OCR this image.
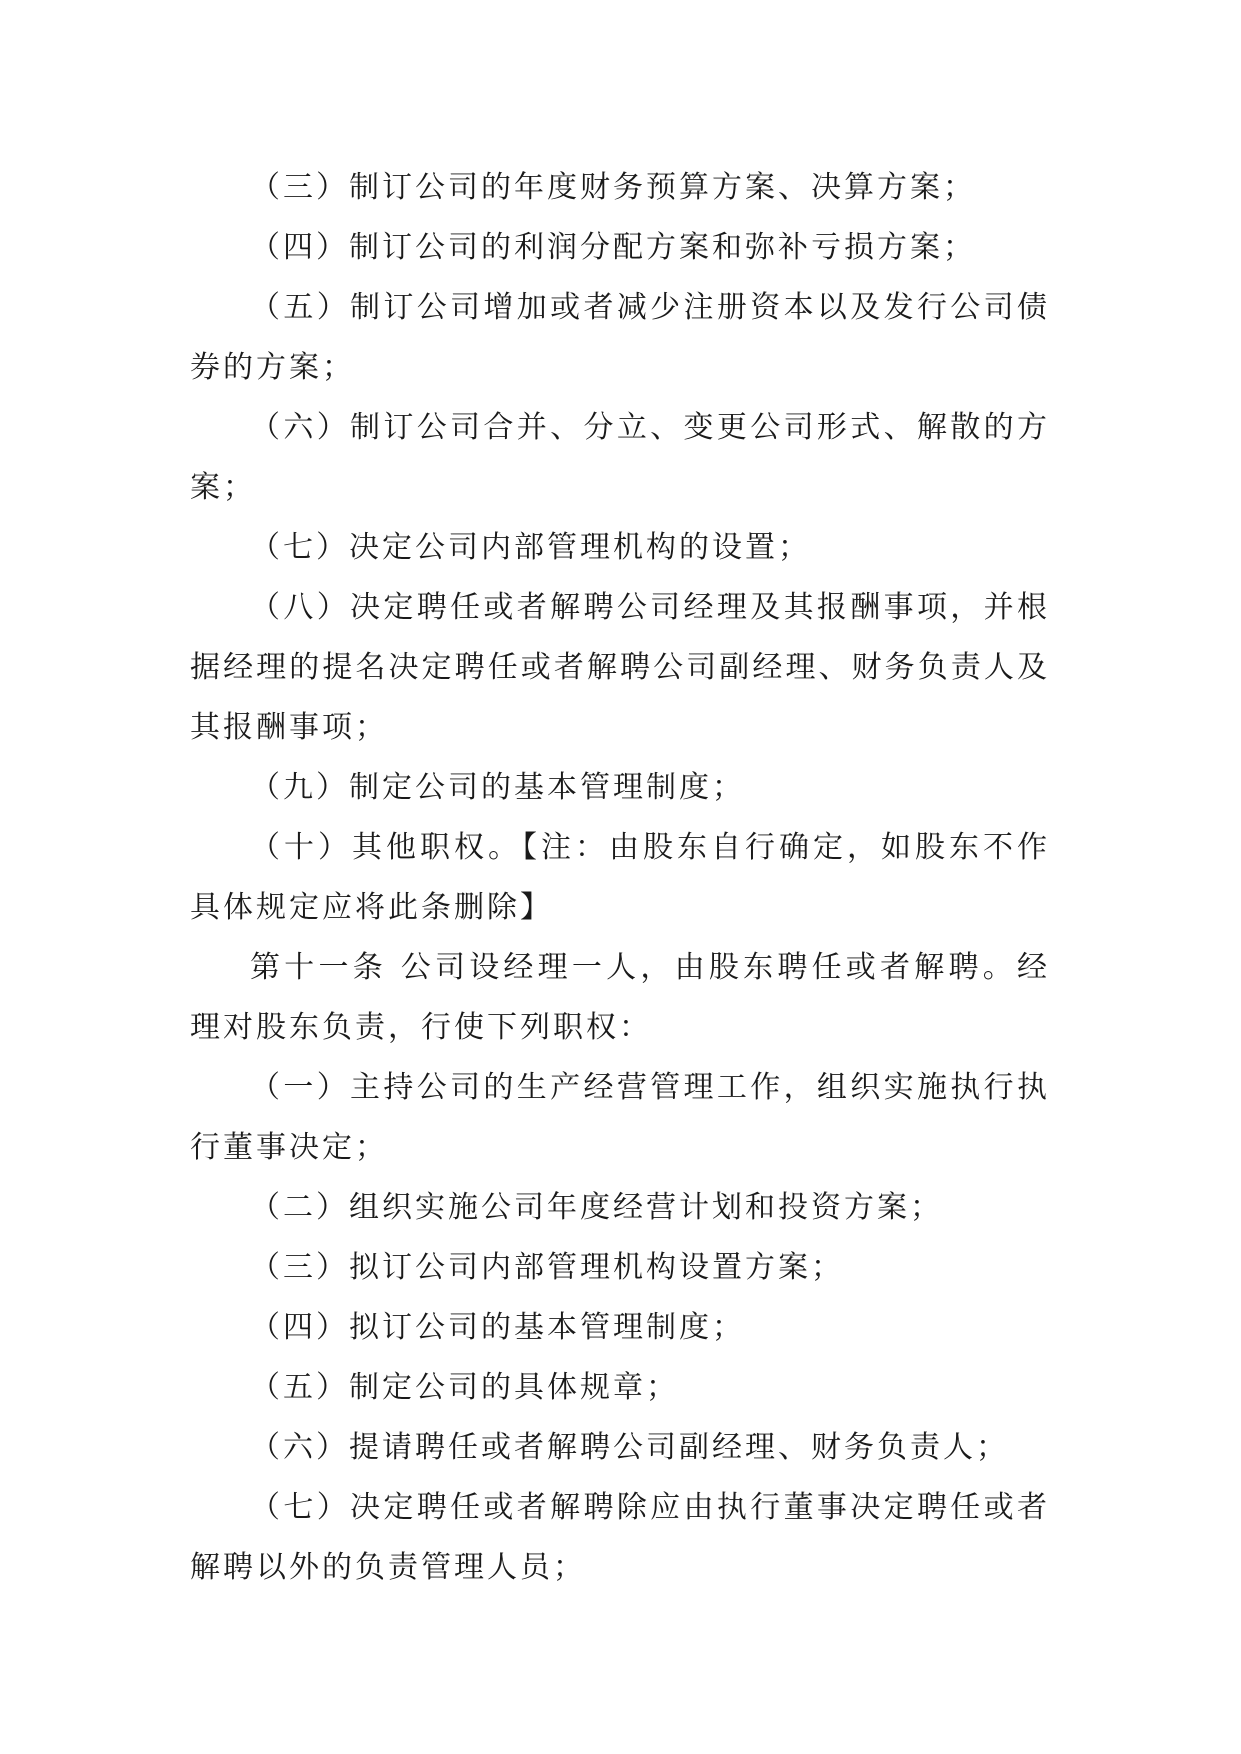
（三）制订公司的年度财务预算方案、决算方案；

（四）制订公司的利润分配方案和弥补亏损方案；

（五）制订公司增加或者减少注册资本以及发行公司债券的方案；

（六）制订公司合并、分立、变更公司形式、解散的方案；

（七）决定公司内部管理机构的设置；

（八）决定聘任或者解聘公司经理及其报酬事项，并根据经理的提名决定聘任或者解聘公司副经理、财务负责人及其报酬事项；

（九）制定公司的基本管理制度；

（十）其他职权。【注：由股东自行确定，如股东不作具体规定应将此条删除】

第十一条 公司设经理一人，由股东聘任或者解聘。经理对股东负责，行使下列职权：

（一）主持公司的生产经营管理工作，组织实施执行执行董事决定；

（二）组织实施公司年度经营计划和投资方案；

（三）拟订公司内部管理机构设置方案；

（四）拟订公司的基本管理制度；

（五）制定公司的具体规章；

（六）提请聘任或者解聘公司副经理、财务负责人；

（七）决定聘任或者解聘除应由执行董事决定聘任或者解聘以外的负责管理人员；
